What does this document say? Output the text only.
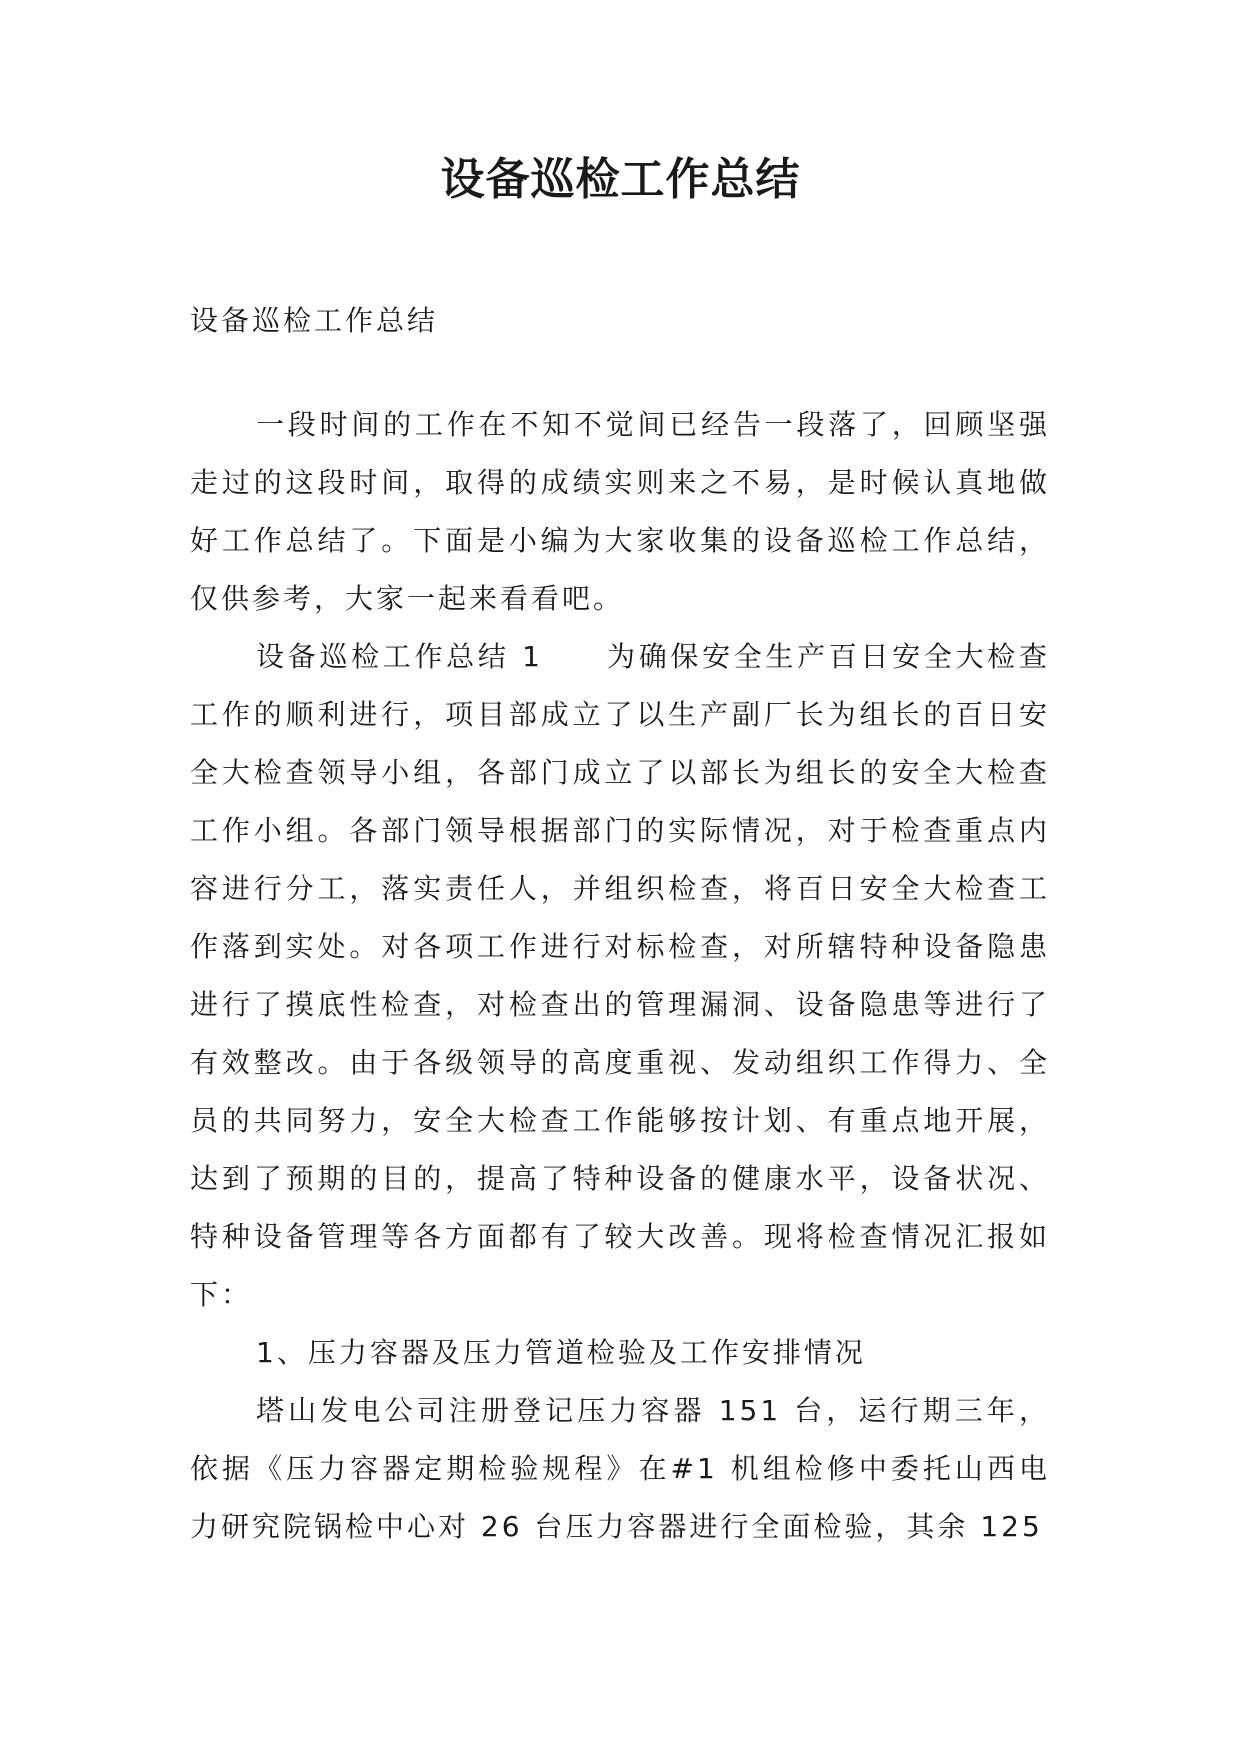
设备巡检工作总结
设备巡检工作总结

一段时间的工作在不知不觉间已经告一段落了，回顾坚强走过的这段时间，取得的成绩实则来之不易，是时候认真地做好工作总结了。下面是小编为大家收集的设备巡检工作总结，仅供参考，大家一起来看看吧。

设备巡检工作总结 1　　为确保安全生产百日安全大检查工作的顺利进行，项目部成立了以生产副厂长为组长的百日安全大检查领导小组，各部门成立了以部长为组长的安全大检查工作小组。各部门领导根据部门的实际情况，对于检查重点内容进行分工，落实责任人，并组织检查，将百日安全大检查工作落到实处。对各项工作进行对标检查，对所辖特种设备隐患进行了摸底性检查，对检查出的管理漏洞、设备隐患等进行了有效整改。由于各级领导的高度重视、发动组织工作得力、全员的共同努力，安全大检查工作能够按计划、有重点地开展，达到了预期的目的，提高了特种设备的健康水平，设备状况、特种设备管理等各方面都有了较大改善。现将检查情况汇报如下：

1、压力容器及压力管道检验及工作安排情况

塔山发电公司注册登记压力容器 151 台，运行期三年，依据《压力容器定期检验规程》在#1 机组检修中委托山西电力研究院锅检中心对 26 台压力容器进行全面检验，其余 125
